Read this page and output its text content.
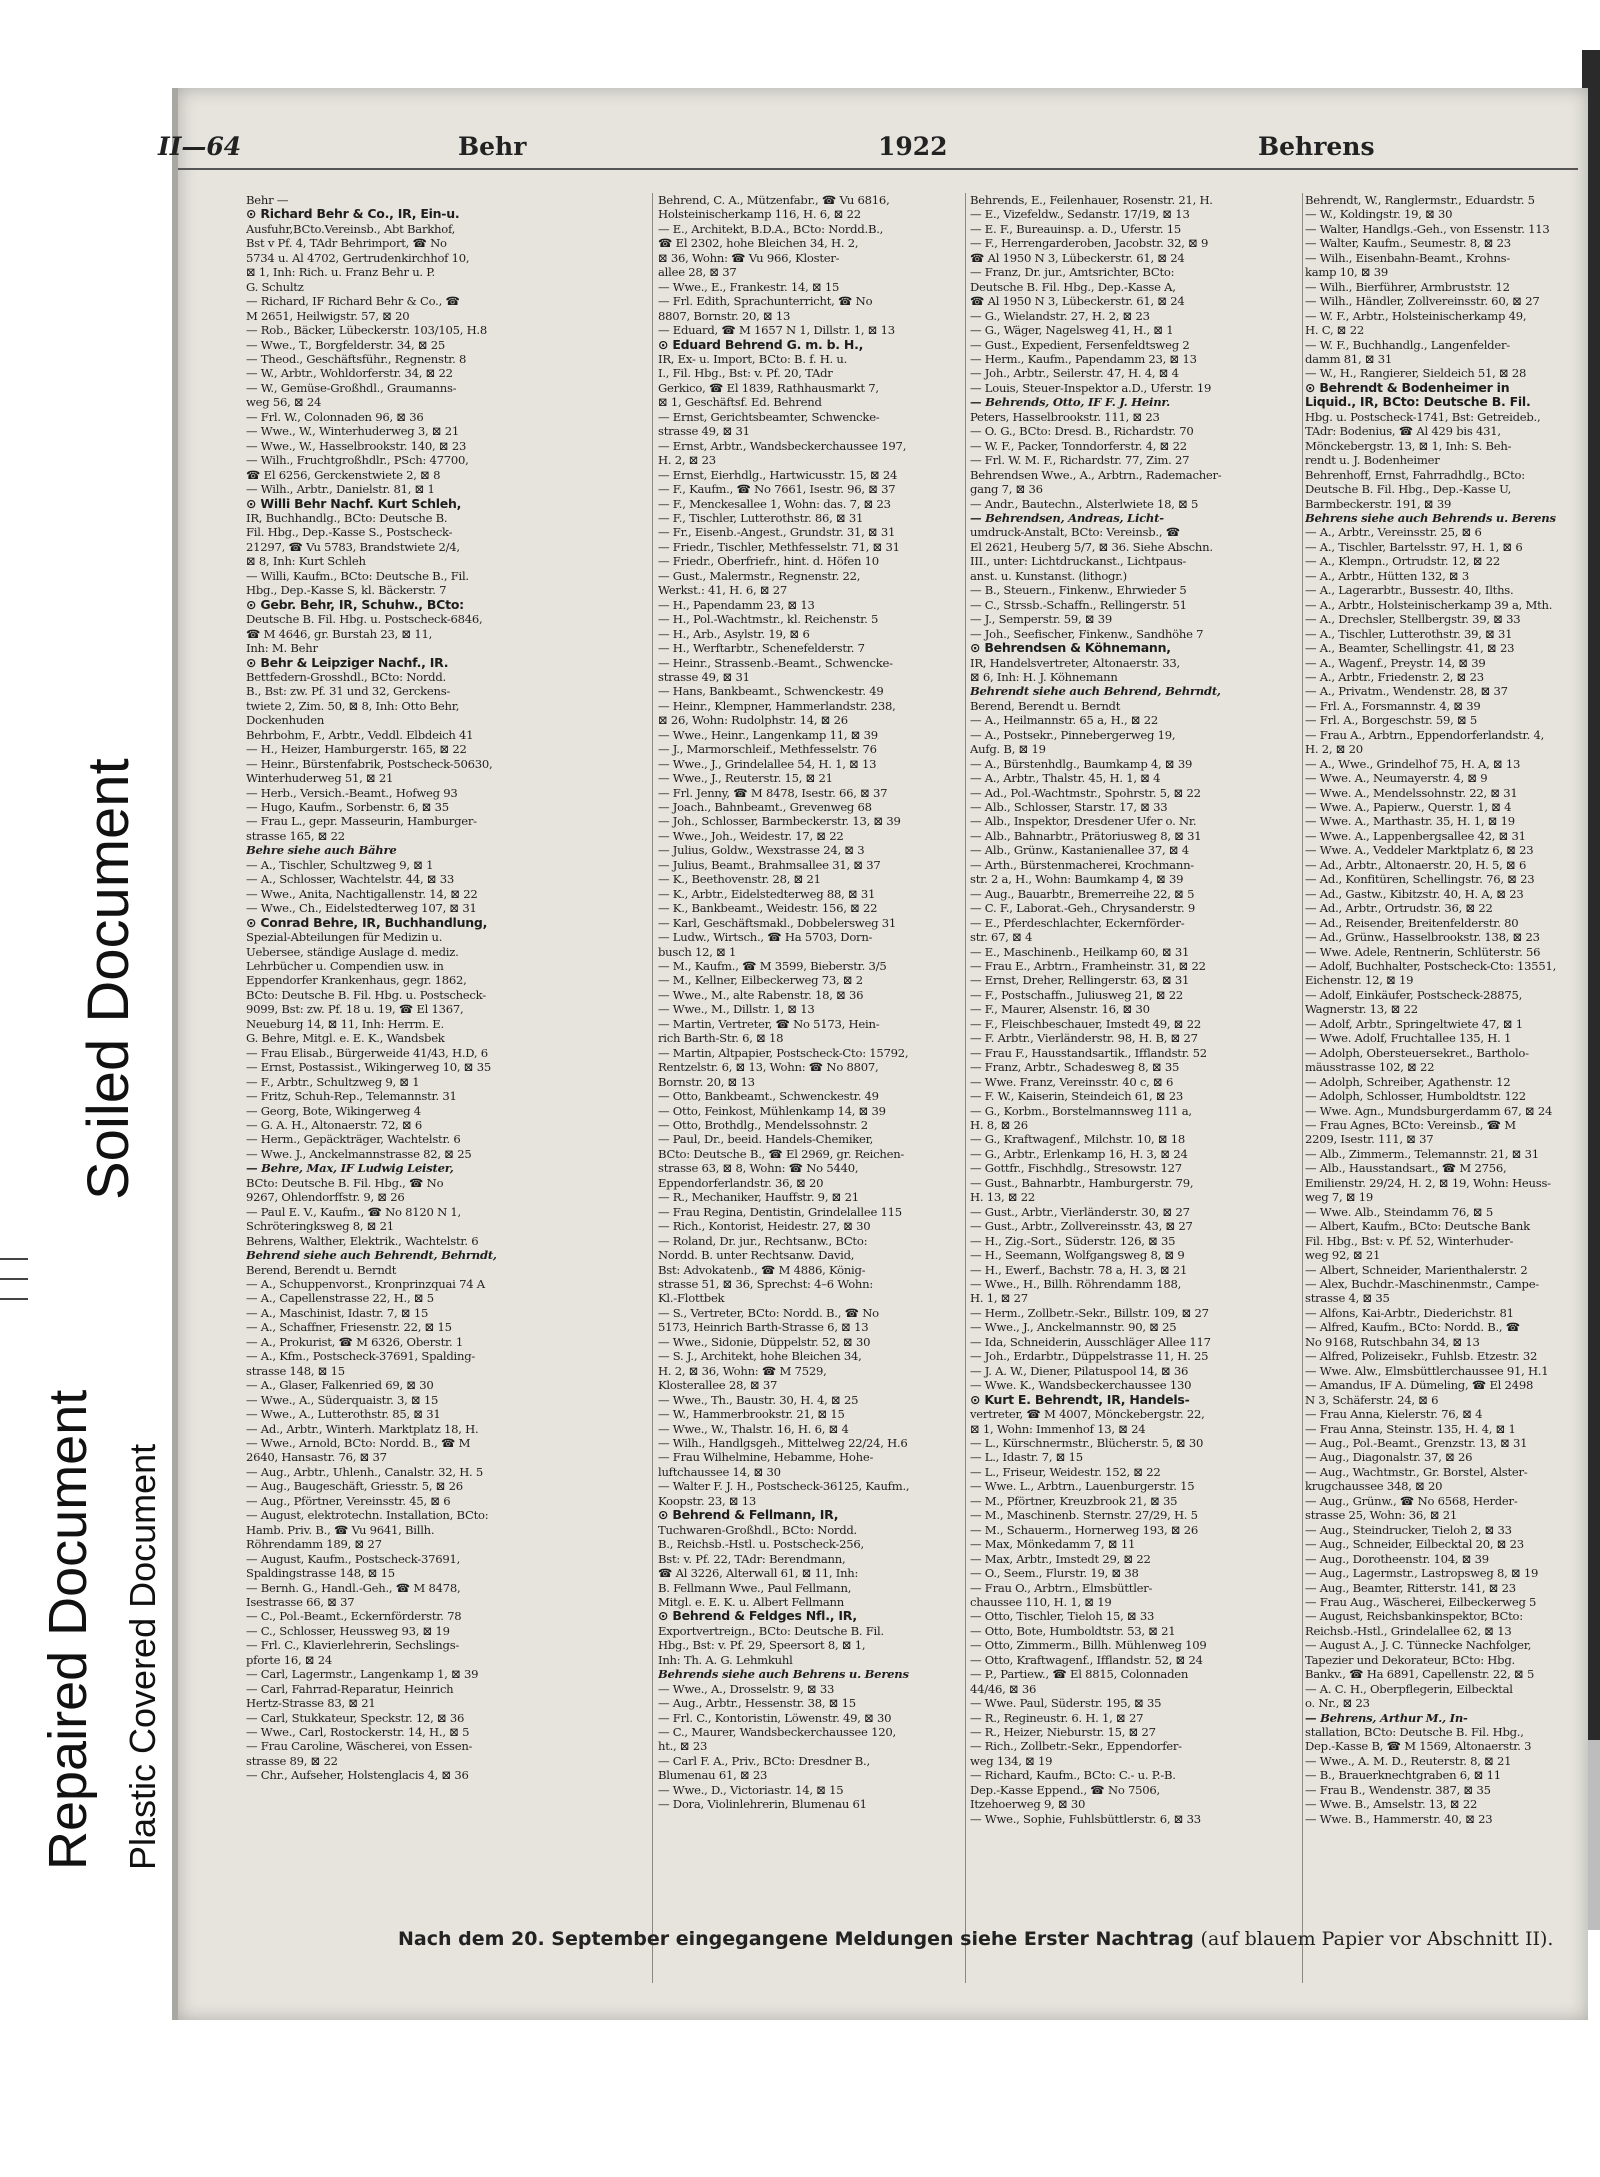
Soiled Document
Repaired Document Plastic Covered Document
II—64	Behr	1922	Behrens
Behr —
⊙ Richard Behr & Co., IR, Ein-u.
Ausfuhr,BCto.Vereinsb., Abt Barkhof,
Bst v Pf. 4, TAdr Behrimport, ☎ No
5734 u. Al 4702, Gertrudenkirchhof 10,
⊠ 1, Inh: Rich. u. Franz Behr u. P.
G. Schultz
— Richard, IF Richard Behr & Co., ☎
M 2651, Heilwigstr. 57, ⊠ 20
— Rob., Bäcker, Lübeckerstr. 103/105, H.8
— Wwe., T., Borgfelderstr. 34, ⊠ 25
— Theod., Geschäftsführ., Regnenstr. 8
— W., Arbtr., Wohldorferstr. 34, ⊠ 22
— W., Gemüse-Großhdl., Graumanns-
weg 56, ⊠ 24
— Frl. W., Colonnaden 96, ⊠ 36
— Wwe., W., Winterhuderweg 3, ⊠ 21
— Wwe., W., Hasselbrookstr. 140, ⊠ 23
— Wilh., Fruchtgroßhdlr., PSch: 47700,
☎ El 6256, Gerckenstwiete 2, ⊠ 8
— Wilh., Arbtr., Danielstr. 81, ⊠ 1
⊙ Willi Behr Nachf. Kurt Schleh,
IR, Buchhandlg., BCto: Deutsche B.
Fil. Hbg., Dep.-Kasse S., Postscheck-
21297, ☎ Vu 5783, Brandstwiete 2/4,
⊠ 8, Inh: Kurt Schleh
— Willi, Kaufm., BCto: Deutsche B., Fil.
Hbg., Dep.-Kasse S, kl. Bäckerstr. 7
⊙ Gebr. Behr, IR, Schuhw., BCto:
Deutsche B. Fil. Hbg. u. Postscheck-6846,
☎ M 4646, gr. Burstah 23, ⊠ 11,
Inh: M. Behr
⊙ Behr & Leipziger Nachf., IR.
Bettfedern-Grosshdl., BCto: Nordd.
B., Bst: zw. Pf. 31 und 32, Gerckens-
twiete 2, Zim. 50, ⊠ 8, Inh: Otto Behr,
Dockenhuden
Behrbohm, F., Arbtr., Veddl. Elbdeich 41
— H., Heizer, Hamburgerstr. 165, ⊠ 22
— Heinr., Bürstenfabrik, Postscheck-50630,
Winterhuderweg 51, ⊠ 21
— Herb., Versich.-Beamt., Hofweg 93
— Hugo, Kaufm., Sorbenstr. 6, ⊠ 35
— Frau L., gepr. Masseurin, Hamburger-
strasse 165, ⊠ 22
Behre siehe auch Bähre
— A., Tischler, Schultzweg 9, ⊠ 1
— A., Schlosser, Wachtelstr. 44, ⊠ 33
— Wwe., Anita, Nachtigallenstr. 14, ⊠ 22
— Wwe., Ch., Eidelstedterweg 107, ⊠ 31
⊙ Conrad Behre, IR, Buchhandlung,
Spezial-Abteilungen für Medizin u.
Uebersee, ständige Auslage d. mediz.
Lehrbücher u. Compendien usw. in
Eppendorfer Krankenhaus, gegr. 1862,
BCto: Deutsche B. Fil. Hbg. u. Postscheck-
9099, Bst: zw. Pf. 18 u. 19, ☎ El 1367,
Neueburg 14, ⊠ 11, Inh: Herrm. E.
G. Behre, Mitgl. e. E. K., Wandsbek
— Frau Elisab., Bürgerweide 41/43, H.D, 6
— Ernst, Postassist., Wikingerweg 10, ⊠ 35
— F., Arbtr., Schultzweg 9, ⊠ 1
— Fritz, Schuh-Rep., Telemannstr. 31
— Georg, Bote, Wikingerweg 4
— G. A. H., Altonaerstr. 72, ⊠ 6
— Herm., Gepäckträger, Wachtelstr. 6
— Wwe. J., Anckelmannstrasse 82, ⊠ 25
— Behre, Max, IF Ludwig Leister,
BCto: Deutsche B. Fil. Hbg., ☎ No
9267, Ohlendorffstr. 9, ⊠ 26
— Paul E. V., Kaufm., ☎ No 8120 N 1,
Schröteringksweg 8, ⊠ 21
Behrens, Walther, Elektrik., Wachtelstr. 6
Behrend siehe auch Behrendt, Behrndt,
Berend, Berendt u. Berndt
— A., Schuppenvorst., Kronprinzquai 74 A
— A., Capellenstrasse 22, H., ⊠ 5
— A., Maschinist, Idastr. 7, ⊠ 15
— A., Schaffner, Friesenstr. 22, ⊠ 15
— A., Prokurist, ☎ M 6326, Oberstr. 1
— A., Kfm., Postscheck-37691, Spalding-
strasse 148, ⊠ 15
— A., Glaser, Falkenried 69, ⊠ 30
— Wwe., A., Süderquaistr. 3, ⊠ 15
— Wwe., A., Lutterothstr. 85, ⊠ 31
— Ad., Arbtr., Winterh. Marktplatz 18, H.
— Wwe., Arnold, BCto: Nordd. B., ☎ M
2640, Hansastr. 76, ⊠ 37
— Aug., Arbtr., Uhlenh., Canalstr. 32, H. 5
— Aug., Baugeschäft, Griesstr. 5, ⊠ 26
— Aug., Pförtner, Vereinsstr. 45, ⊠ 6
— August, elektrotechn. Installation, BCto:
Hamb. Priv. B., ☎ Vu 9641, Billh.
Röhrendamm 189, ⊠ 27
— August, Kaufm., Postscheck-37691,
Spaldingstrasse 148, ⊠ 15
— Bernh. G., Handl.-Geh., ☎ M 8478,
Isestrasse 66, ⊠ 37
— C., Pol.-Beamt., Eckernförderstr. 78
— C., Schlosser, Heussweg 93, ⊠ 19
— Frl. C., Klavierlehrerin, Sechslings-
pforte 16, ⊠ 24
— Carl, Lagermstr., Langenkamp 1, ⊠ 39
— Carl, Fahrrad-Reparatur, Heinrich
Hertz-Strasse 83, ⊠ 21
— Carl, Stukkateur, Speckstr. 12, ⊠ 36
— Wwe., Carl, Rostockerstr. 14, H., ⊠ 5
— Frau Caroline, Wäscherei, von Essen-
strasse 89, ⊠ 22
— Chr., Aufseher, Holstenglacis 4, ⊠ 36
Behrend, C. A., Mützenfabr., ☎ Vu 6816,
Holsteinischerkamp 116, H. 6, ⊠ 22
— E., Architekt, B.D.A., BCto: Nordd.B.,
☎ El 2302, hohe Bleichen 34, H. 2,
⊠ 36, Wohn: ☎ Vu 966, Kloster-
allee 28, ⊠ 37
— Wwe., E., Frankestr. 14, ⊠ 15
— Frl. Edith, Sprachunterricht, ☎ No
8807, Bornstr. 20, ⊠ 13
— Eduard, ☎ M 1657 N 1, Dillstr. 1, ⊠ 13
⊙ Eduard Behrend G. m. b. H.,
IR, Ex- u. Import, BCto: B. f. H. u.
I., Fil. Hbg., Bst: v. Pf. 20, TAdr
Gerkico, ☎ El 1839, Rathhausmarkt 7,
⊠ 1, Geschäftsf. Ed. Behrend
— Ernst, Gerichtsbeamter, Schwencke-
strasse 49, ⊠ 31
— Ernst, Arbtr., Wandsbeckerchaussee 197,
H. 2, ⊠ 23
— Ernst, Eierhdlg., Hartwicusstr. 15, ⊠ 24
— F., Kaufm., ☎ No 7661, Isestr. 96, ⊠ 37
— F., Menckesallee 1, Wohn: das. 7, ⊠ 23
— F., Tischler, Lutterothstr. 86, ⊠ 31
— Fr., Eisenb.-Angest., Grundstr. 31, ⊠ 31
— Friedr., Tischler, Methfesselstr. 71, ⊠ 31
— Friedr., Oberfriefr., hint. d. Höfen 10
— Gust., Malermstr., Regnenstr. 22,
Werkst.: 41, H. 6, ⊠ 27
— H., Papendamm 23, ⊠ 13
— H., Pol.-Wachtmstr., kl. Reichenstr. 5
— H., Arb., Asylstr. 19, ⊠ 6
— H., Werftarbtr., Schenefelderstr. 7
— Heinr., Strassenb.-Beamt., Schwencke-
strasse 49, ⊠ 31
— Hans, Bankbeamt., Schwenckestr. 49
— Heinr., Klempner, Hammerlandstr. 238,
⊠ 26, Wohn: Rudolphstr. 14, ⊠ 26
— Wwe., Heinr., Langenkamp 11, ⊠ 39
— J., Marmorschleif., Methfesselstr. 76
— Wwe., J., Grindelallee 54, H. 1, ⊠ 13
— Wwe., J., Reuterstr. 15, ⊠ 21
— Frl. Jenny, ☎ M 8478, Isestr. 66, ⊠ 37
— Joach., Bahnbeamt., Grevenweg 68
— Joh., Schlosser, Barmbeckerstr. 13, ⊠ 39
— Wwe., Joh., Weidestr. 17, ⊠ 22
— Julius, Goldw., Wexstrasse 24, ⊠ 3
— Julius, Beamt., Brahmsallee 31, ⊠ 37
— K., Beethovenstr. 28, ⊠ 21
— K., Arbtr., Eidelstedterweg 88, ⊠ 31
— K., Bankbeamt., Weidestr. 156, ⊠ 22
— Karl, Geschäftsmakl., Dobbelersweg 31
— Ludw., Wirtsch., ☎ Ha 5703, Dorn-
busch 12, ⊠ 1
— M., Kaufm., ☎ M 3599, Bieberstr. 3/5
— M., Kellner, Eilbeckerweg 73, ⊠ 2
— Wwe., M., alte Rabenstr. 18, ⊠ 36
— Wwe., M., Dillstr. 1, ⊠ 13
— Martin, Vertreter, ☎ No 5173, Hein-
rich Barth-Str. 6, ⊠ 18
— Martin, Altpapier, Postscheck-Cto: 15792,
Rentzelstr. 6, ⊠ 13, Wohn: ☎ No 8807,
Bornstr. 20, ⊠ 13
— Otto, Bankbeamt., Schwenckestr. 49
— Otto, Feinkost, Mühlenkamp 14, ⊠ 39
— Otto, Brothdlg., Mendelssohnstr. 2
— Paul, Dr., beeid. Handels-Chemiker,
BCto: Deutsche B., ☎ El 2969, gr. Reichen-
strasse 63, ⊠ 8, Wohn: ☎ No 5440,
Eppendorferlandstr. 36, ⊠ 20
— R., Mechaniker, Hauffstr. 9, ⊠ 21
— Frau Regina, Dentistin, Grindelallee 115
— Rich., Kontorist, Heidestr. 27, ⊠ 30
— Roland, Dr. jur., Rechtsanw., BCto:
Nordd. B. unter Rechtsanw. David,
Bst: Advokatenb., ☎ M 4886, König-
strasse 51, ⊠ 36, Sprechst: 4–6 Wohn:
Kl.-Flottbek
— S., Vertreter, BCto: Nordd. B., ☎ No
5173, Heinrich Barth-Strasse 6, ⊠ 13
— Wwe., Sidonie, Düppelstr. 52, ⊠ 30
— S. J., Architekt, hohe Bleichen 34,
H. 2, ⊠ 36, Wohn: ☎ M 7529,
Klosterallee 28, ⊠ 37
— Wwe., Th., Baustr. 30, H. 4, ⊠ 25
— W., Hammerbrookstr. 21, ⊠ 15
— Wwe., W., Thalstr. 16, H. 6, ⊠ 4
— Wilh., Handlgsgeh., Mittelweg 22/24, H.6
— Frau Wilhelmine, Hebamme, Hohe-
luftchaussee 14, ⊠ 30
— Walter F. J. H., Postscheck-36125, Kaufm.,
Koopstr. 23, ⊠ 13
⊙ Behrend & Fellmann, IR,
Tuchwaren-Großhdl., BCto: Nordd.
B., Reichsb.-Hstl. u. Postscheck-256,
Bst: v. Pf. 22, TAdr: Berendmann,
☎ Al 3226, Alterwall 61, ⊠ 11, Inh:
B. Fellmann Wwe., Paul Fellmann,
Mitgl. e. E. K. u. Albert Fellmann
⊙ Behrend & Feldges Nfl., IR,
Exportvertreign., BCto: Deutsche B. Fil.
Hbg., Bst: v. Pf. 29, Speersort 8, ⊠ 1,
Inh: Th. A. G. Lehmkuhl
Behrends siehe auch Behrens u. Berens
— Wwe., A., Drosselstr. 9, ⊠ 33
— Aug., Arbtr., Hessenstr. 38, ⊠ 15
— Frl. C., Kontoristin, Löwenstr. 49, ⊠ 30
— C., Maurer, Wandsbeckerchaussee 120,
ht., ⊠ 23
— Carl F. A., Priv., BCto: Dresdner B.,
Blumenau 61, ⊠ 23
— Wwe., D., Victoriastr. 14, ⊠ 15
— Dora, Violinlehrerin, Blumenau 61
Behrends, E., Feilenhauer, Rosenstr. 21, H.
— E., Vizefeldw., Sedanstr. 17/19, ⊠ 13
— E. F., Bureauinsp. a. D., Uferstr. 15
— F., Herrengarderoben, Jacobstr. 32, ⊠ 9
☎ Al 1950 N 3, Lübeckerstr. 61, ⊠ 24
— Franz, Dr. jur., Amtsrichter, BCto:
Deutsche B. Fil. Hbg., Dep.-Kasse A,
☎ Al 1950 N 3, Lübeckerstr. 61, ⊠ 24
— G., Wielandstr. 27, H. 2, ⊠ 23
— G., Wäger, Nagelsweg 41, H., ⊠ 1
— Gust., Expedient, Fersenfeldtsweg 2
— Herm., Kaufm., Papendamm 23, ⊠ 13
— Joh., Arbtr., Seilerstr. 47, H. 4, ⊠ 4
— Louis, Steuer-Inspektor a.D., Uferstr. 19
— Behrends, Otto, IF F. J. Heinr.
Peters, Hasselbrookstr. 111, ⊠ 23
— O. G., BCto: Dresd. B., Richardstr. 70
— W. F., Packer, Tonndorferstr. 4, ⊠ 22
— Frl. W. M. F., Richardstr. 77, Zim. 27
Behrendsen Wwe., A., Arbtrn., Rademacher-
gang 7, ⊠ 36
— Andr., Bautechn., Alsterlwiete 18, ⊠ 5
— Behrendsen, Andreas, Licht-
umdruck-Anstalt, BCto: Vereinsb., ☎
El 2621, Heuberg 5/7, ⊠ 36. Siehe Abschn.
III., unter: Lichtdruckanst., Lichtpaus-
anst. u. Kunstanst. (lithogr.)
— B., Steuern., Finkenw., Ehrwieder 5
— C., Strssb.-Schaffn., Rellingerstr. 51
— J., Semperstr. 59, ⊠ 39
— Joh., Seefischer, Finkenw., Sandhöhe 7
⊙ Behrendsen & Köhnemann,
IR, Handelsvertreter, Altonaerstr. 33,
⊠ 6, Inh: H. J. Köhnemann
Behrendt siehe auch Behrend, Behrndt,
Berend, Berendt u. Berndt
— A., Heilmannstr. 65 a, H., ⊠ 22
— A., Postsekr., Pinnebergerweg 19,
Aufg. B, ⊠ 19
— A., Bürstenhdlg., Baumkamp 4, ⊠ 39
— A., Arbtr., Thalstr. 45, H. 1, ⊠ 4
— Ad., Pol.-Wachtmstr., Spohrstr. 5, ⊠ 22
— Alb., Schlosser, Starstr. 17, ⊠ 33
— Alb., Inspektor, Dresdener Ufer o. Nr.
— Alb., Bahnarbtr., Prätoriusweg 8, ⊠ 31
— Alb., Grünw., Kastanienallee 37, ⊠ 4
— Arth., Bürstenmacherei, Krochmann-
str. 2 a, H., Wohn: Baumkamp 4, ⊠ 39
— Aug., Bauarbtr., Bremerreihe 22, ⊠ 5
— C. F., Laborat.-Geh., Chrysanderstr. 9
— E., Pferdeschlachter, Eckernförder-
str. 67, ⊠ 4
— E., Maschinenb., Heilkamp 60, ⊠ 31
— Frau E., Arbtrn., Framheinstr. 31, ⊠ 22
— Ernst, Dreher, Rellingerstr. 63, ⊠ 31
— F., Postschaffn., Juliusweg 21, ⊠ 22
— F., Maurer, Alsenstr. 16, ⊠ 30
— F., Fleischbeschauer, Imstedt 49, ⊠ 22
— F. Arbtr., Vierländerstr. 98, H. B, ⊠ 27
— Frau F., Hausstandsartik., Ifflandstr. 52
— Franz, Arbtr., Schadesweg 8, ⊠ 35
— Wwe. Franz, Vereinsstr. 40 c, ⊠ 6
— F. W., Kaiserin, Steindeich 61, ⊠ 23
— G., Korbm., Borstelmannsweg 111 a,
H. 8, ⊠ 26
— G., Kraftwagenf., Milchstr. 10, ⊠ 18
— G., Arbtr., Erlenkamp 16, H. 3, ⊠ 24
— Gottfr., Fischhdlg., Stresowstr. 127
— Gust., Bahnarbtr., Hamburgerstr. 79,
H. 13, ⊠ 22
— Gust., Arbtr., Vierländerstr. 30, ⊠ 27
— Gust., Arbtr., Zollvereinsstr. 43, ⊠ 27
— H., Zig.-Sort., Süderstr. 126, ⊠ 35
— H., Seemann, Wolfgangsweg 8, ⊠ 9
— H., Ewerf., Bachstr. 78 a, H. 3, ⊠ 21
— Wwe., H., Billh. Röhrendamm 188,
H. 1, ⊠ 27
— Herm., Zollbetr.-Sekr., Billstr. 109, ⊠ 27
— Wwe., J., Anckelmannstr. 90, ⊠ 25
— Ida, Schneiderin, Ausschläger Allee 117
— Joh., Erdarbtr., Düppelstrasse 11, H. 25
— J. A. W., Diener, Pilatuspool 14, ⊠ 36
— Wwe. K., Wandsbeckerchaussee 130
⊙ Kurt E. Behrendt, IR, Handels-
vertreter, ☎ M 4007, Mönckebergstr. 22,
⊠ 1, Wohn: Immenhof 13, ⊠ 24
— L., Kürschnermstr., Blücherstr. 5, ⊠ 30
— L., Idastr. 7, ⊠ 15
— L., Friseur, Weidestr. 152, ⊠ 22
— Wwe. L., Arbtrn., Lauenburgerstr. 15
— M., Pförtner, Kreuzbrook 21, ⊠ 35
— M., Maschinenb. Sternstr. 27/29, H. 5
— M., Schauerm., Hornerweg 193, ⊠ 26
— Max, Mönkedamm 7, ⊠ 11
— Max, Arbtr., Imstedt 29, ⊠ 22
— O., Seem., Flurstr. 19, ⊠ 38
— Frau O., Arbtrn., Elmsbüttler-
chaussee 110, H. 1, ⊠ 19
— Otto, Tischler, Tieloh 15, ⊠ 33
— Otto, Bote, Humboldtstr. 53, ⊠ 21
— Otto, Zimmerm., Billh. Mühlenweg 109
— Otto, Kraftwagenf., Ifflandstr. 52, ⊠ 24
— P., Partiew., ☎ El 8815, Colonnaden
44/46, ⊠ 36
— Wwe. Paul, Süderstr. 195, ⊠ 35
— R., Regineustr. 6. H. 1, ⊠ 27
— R., Heizer, Nieburstr. 15, ⊠ 27
— Rich., Zollbetr.-Sekr., Eppendorfer-
weg 134, ⊠ 19
— Richard, Kaufm., BCto: C.- u. P.-B.
Dep.-Kasse Eppend., ☎ No 7506,
Itzehoerweg 9, ⊠ 30
— Wwe., Sophie, Fuhlsbüttlerstr. 6, ⊠ 33
Behrendt, W., Ranglermstr., Eduardstr. 5
— W., Koldingstr. 19, ⊠ 30
— Walter, Handlgs.-Geh., von Essenstr. 113
— Walter, Kaufm., Seumestr. 8, ⊠ 23
— Wilh., Eisenbahn-Beamt., Krohns-
kamp 10, ⊠ 39
— Wilh., Bierführer, Armbruststr. 12
— Wilh., Händler, Zollvereinsstr. 60, ⊠ 27
— W. F., Arbtr., Holsteinischerkamp 49,
H. C, ⊠ 22
— W. F., Buchhandlg., Langenfelder-
damm 81, ⊠ 31
— W., H., Rangierer, Sieldeich 51, ⊠ 28
⊙ Behrendt & Bodenheimer in
Liquid., IR, BCto: Deutsche B. Fil.
Hbg. u. Postscheck-1741, Bst: Getreideb.,
TAdr: Bodenius, ☎ Al 429 bis 431,
Mönckebergstr. 13, ⊠ 1, Inh: S. Beh-
rendt u. J. Bodenheimer
Behrenhoff, Ernst, Fahrradhdlg., BCto:
Deutsche B. Fil. Hbg., Dep.-Kasse U,
Barmbeckerstr. 191, ⊠ 39
Behrens siehe auch Behrends u. Berens
— A., Arbtr., Vereinsstr. 25, ⊠ 6
— A., Tischler, Bartelsstr. 97, H. 1, ⊠ 6
— A., Klempn., Ortrudstr. 12, ⊠ 22
— A., Arbtr., Hütten 132, ⊠ 3
— A., Lagerarbtr., Bussestr. 40, Ilths.
— A., Arbtr., Holsteinischerkamp 39 a, Mth.
— A., Drechsler, Stellbergstr. 39, ⊠ 33
— A., Tischler, Lutterothstr. 39, ⊠ 31
— A., Beamter, Schellingstr. 41, ⊠ 23
— A., Wagenf., Preystr. 14, ⊠ 39
— A., Arbtr., Friedenstr. 2, ⊠ 23
— A., Privatm., Wendenstr. 28, ⊠ 37
— Frl. A., Forsmannstr. 4, ⊠ 39
— Frl. A., Borgeschstr. 59, ⊠ 5
— Frau A., Arbtrn., Eppendorferlandstr. 4,
H. 2, ⊠ 20
— A., Wwe., Grindelhof 75, H. A, ⊠ 13
— Wwe. A., Neumayerstr. 4, ⊠ 9
— Wwe. A., Mendelssohnstr. 22, ⊠ 31
— Wwe. A., Papierw., Querstr. 1, ⊠ 4
— Wwe. A., Marthastr. 35, H. 1, ⊠ 19
— Wwe. A., Lappenbergsallee 42, ⊠ 31
— Wwe. A., Veddeler Marktplatz 6, ⊠ 23
— Ad., Arbtr., Altonaerstr. 20, H. 5, ⊠ 6
— Ad., Konfitüren, Schellingstr. 76, ⊠ 23
— Ad., Gastw., Kibitzstr. 40, H. A, ⊠ 23
— Ad., Arbtr., Ortrudstr. 36, ⊠ 22
— Ad., Reisender, Breitenfelderstr. 80
— Ad., Grünw., Hasselbrookstr. 138, ⊠ 23
— Wwe. Adele, Rentnerin, Schlüterstr. 56
— Adolf, Buchhalter, Postscheck-Cto: 13551,
Eichenstr. 12, ⊠ 19
— Adolf, Einkäufer, Postscheck-28875,
Wagnerstr. 13, ⊠ 22
— Adolf, Arbtr., Springeltwiete 47, ⊠ 1
— Wwe. Adolf, Fruchtallee 135, H. 1
— Adolph, Obersteuersekret., Bartholo-
mäusstrasse 102, ⊠ 22
— Adolph, Schreiber, Agathenstr. 12
— Adolph, Schlosser, Humboldtstr. 122
— Wwe. Agn., Mundsburgerdamm 67, ⊠ 24
— Frau Agnes, BCto: Vereinsb., ☎ M
2209, Isestr. 111, ⊠ 37
— Alb., Zimmerm., Telemannstr. 21, ⊠ 31
— Alb., Hausstandsart., ☎ M 2756,
Emilienstr. 29/24, H. 2, ⊠ 19, Wohn: Heuss-
weg 7, ⊠ 19
— Wwe. Alb., Steindamm 76, ⊠ 5
— Albert, Kaufm., BCto: Deutsche Bank
Fil. Hbg., Bst: v. Pf. 52, Winterhuder-
weg 92, ⊠ 21
— Albert, Schneider, Marienthalerstr. 2
— Alex, Buchdr.-Maschinenmstr., Campe-
strasse 4, ⊠ 35
— Alfons, Kai-Arbtr., Diederichstr. 81
— Alfred, Kaufm., BCto: Nordd. B., ☎
No 9168, Rutschbahn 34, ⊠ 13
— Alfred, Polizeisekr., Fuhlsb. Etzestr. 32
— Wwe. Alw., Elmsbüttlerchaussee 91, H.1
— Amandus, IF A. Dümeling, ☎ El 2498
N 3, Schäferstr. 24, ⊠ 6
— Frau Anna, Kielerstr. 76, ⊠ 4
— Frau Anna, Steinstr. 135, H. 4, ⊠ 1
— Aug., Pol.-Beamt., Grenzstr. 13, ⊠ 31
— Aug., Diagonalstr. 37, ⊠ 26
— Aug., Wachtmstr., Gr. Borstel, Alster-
krugchaussee 348, ⊠ 20
— Aug., Grünw., ☎ No 6568, Herder-
strasse 25, Wohn: 36, ⊠ 21
— Aug., Steindrucker, Tieloh 2, ⊠ 33
— Aug., Schneider, Eilbecktal 20, ⊠ 23
— Aug., Dorotheenstr. 104, ⊠ 39
— Aug., Lagermstr., Lastropsweg 8, ⊠ 19
— Aug., Beamter, Ritterstr. 141, ⊠ 23
— Frau Aug., Wäscherei, Eilbeckerweg 5
— August, Reichsbankinspektor, BCto:
Reichsb.-Hstl., Grindelallee 62, ⊠ 13
— August A., J. C. Tünnecke Nachfolger,
Tapezier und Dekorateur, BCto: Hbg.
Bankv., ☎ Ha 6891, Capellenstr. 22, ⊠ 5
— A. C. H., Oberpflegerin, Eilbecktal
o. Nr., ⊠ 23
— Behrens, Arthur M., In-
stallation, BCto: Deutsche B. Fil. Hbg.,
Dep.-Kasse B, ☎ M 1569, Altonaerstr. 3
— Wwe., A. M. D., Reuterstr. 8, ⊠ 21
— B., Brauerknechtgraben 6, ⊠ 11
— Frau B., Wendenstr. 387, ⊠ 35
— Wwe. B., Amselstr. 13, ⊠ 22
— Wwe. B., Hammerstr. 40, ⊠ 23
Nach dem 20. September eingegangene Meldungen siehe Erster Nachtrag (auf blauem Papier vor Abschnitt II).
